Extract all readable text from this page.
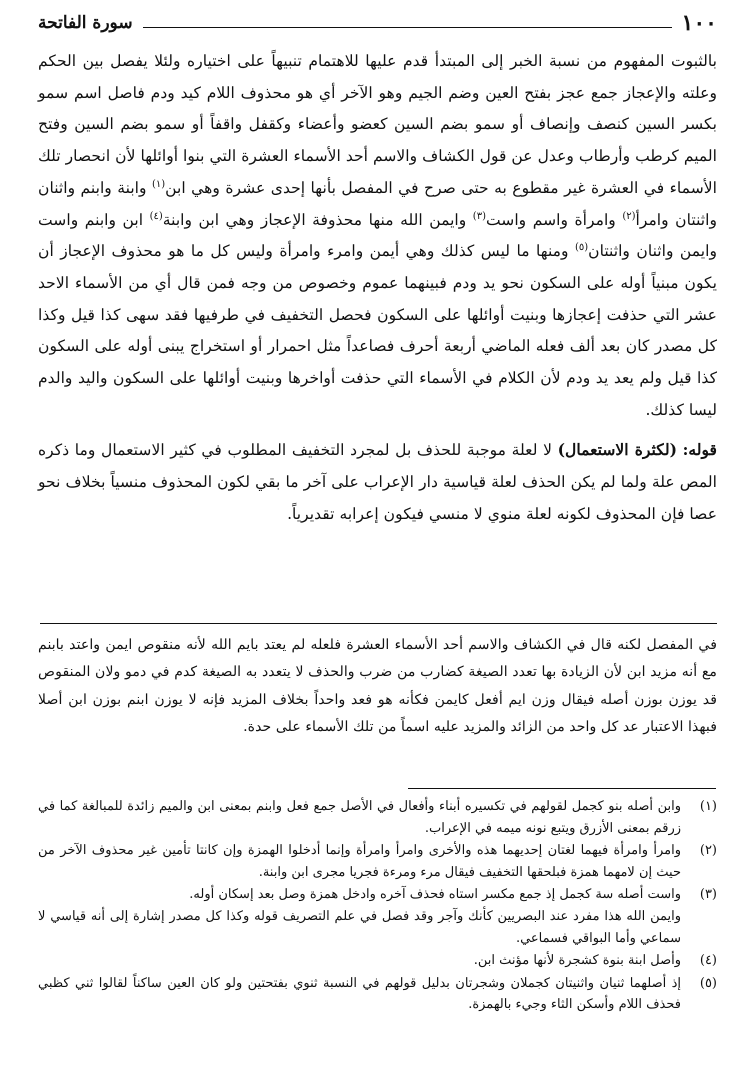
١٠٠
سورة الفاتحة

بالثبوت المفهوم من نسبة الخبر إلى المبتدأ قدم عليها للاهتمام تنبيهاً على اختياره ولئلا يفصل بين الحكم وعلته والإعجاز جمع عجز بفتح العين وضم الجيم وهو الآخر أي هو محذوف اللام كيد ودم فاصل اسم سمو بكسر السين كنصف وإنصاف أو سمو بضم السين كعضو وأعضاء وكقفل واقفاً أو سمو بضم السين وفتح الميم كرطب وأرطاب وعدل عن قول الكشاف والاسم أحد الأسماء العشرة التي بنوا أوائلها لأن انحصار تلك الأسماء في العشرة غير مقطوع به حتى صرح في المفصل بأنها إحدى عشرة وهي ابن$^{(١)}$ وابنة وابنم واثنان واثنتان وامرأ$^{(٢)}$ وامرأة واسم واست$^{(٣)}$ وايمن الله منها محذوفة الإعجاز وهي ابن وابنة$^{(٤)}$ ابن وابنم واست وايمن واثنان واثنتان$^{(٥)}$ ومنها ما ليس كذلك وهي أيمن وامرء وامرأة وليس كل ما هو محذوف الإعجاز أن يكون مبنياً أوله على السكون نحو يد ودم فبينهما عموم وخصوص من وجه فمن قال أي من الأسماء الاحد عشر التي حذفت إعجازها وبنيت أوائلها على السكون فحصل التخفيف في طرفيها فقد سهى كذا قيل وكذا كل مصدر كان بعد ألف فعله الماضي أربعة أحرف فصاعداً مثل احمرار أو استخراج يبنى أوله على السكون كذا قيل ولم يعد يد ودم لأن الكلام في الأسماء التي حذفت أواخرها وبنيت أوائلها على السكون واليد والدم ليسا كذلك.

قوله: (لكثرة الاستعمال) لا لعلة موجبة للحذف بل لمجرد التخفيف المطلوب في كثير الاستعمال وما ذكره المص علة ولما لم يكن الحذف لعلة قياسية دار الإعراب على آخر ما بقي لكون المحذوف منسياً بخلاف نحو عصا فإن المحذوف لكونه لعلة منوي لا منسي فيكون إعرابه تقديرياً.

في المفصل لكنه قال في الكشاف والاسم أحد الأسماء العشرة فلعله لم يعتد بايم الله لأنه منقوص ايمن واعتد بابنم مع أنه مزيد ابن لأن الزيادة بها تعدد الصيغة كضارب من ضرب والحذف لا يتعدد به الصيغة كدم في دمو ولان المنقوص قد يوزن بوزن أصله فيقال وزن ايم أفعل كايمن فكأنه هو فعد واحداً بخلاف المزيد فإنه لا يوزن ابنم بوزن ابن أصلا فبهذا الاعتبار عد كل واحد من الزائد والمزيد عليه اسماً من تلك الأسماء على حدة.

(١)

وابن أصله بنو كجمل لقولهم في تكسيره أبناء وأفعال في الأصل جمع فعل وابنم بمعنى ابن والميم زائدة للمبالغة كما في زرقم بمعنى الأزرق ويتبع نونه ميمه في الإعراب.

(٢)

وامرأ وامرأة فيهما لغتان إحديهما هذه والأخرى وامرأ وامرأة وإنما أدخلوا الهمزة وإن كانتا تأمين غير محذوف الآخر من حيث إن لامهما همزة فبلحقها التخفيف فيقال مرء ومرءة فجريا مجرى ابن وابنة.

(٣)

واست أصله سة كجمل إذ جمع مكسر استاه فحذف آخره وادخل همزة وصل بعد إسكان أوله.

وايمن الله هذا مفرد عند البصريين كأنك وآجر وقد فصل في علم التصريف قوله وكذا كل مصدر إشارة إلى أنه قياسي لا سماعي وأما البواقي فسماعي.

(٤)

وأصل ابنة بنوة كشجرة لأنها مؤنث ابن.

(٥)

إذ أصلهما ثنيان واثنيتان كجملان وشجرتان بدليل قولهم في النسبة ثنوي بفتحتين ولو كان العين ساكناً لقالوا ثني كظبي فحذف اللام وأسكن الثاء وجيء بالهمزة.
